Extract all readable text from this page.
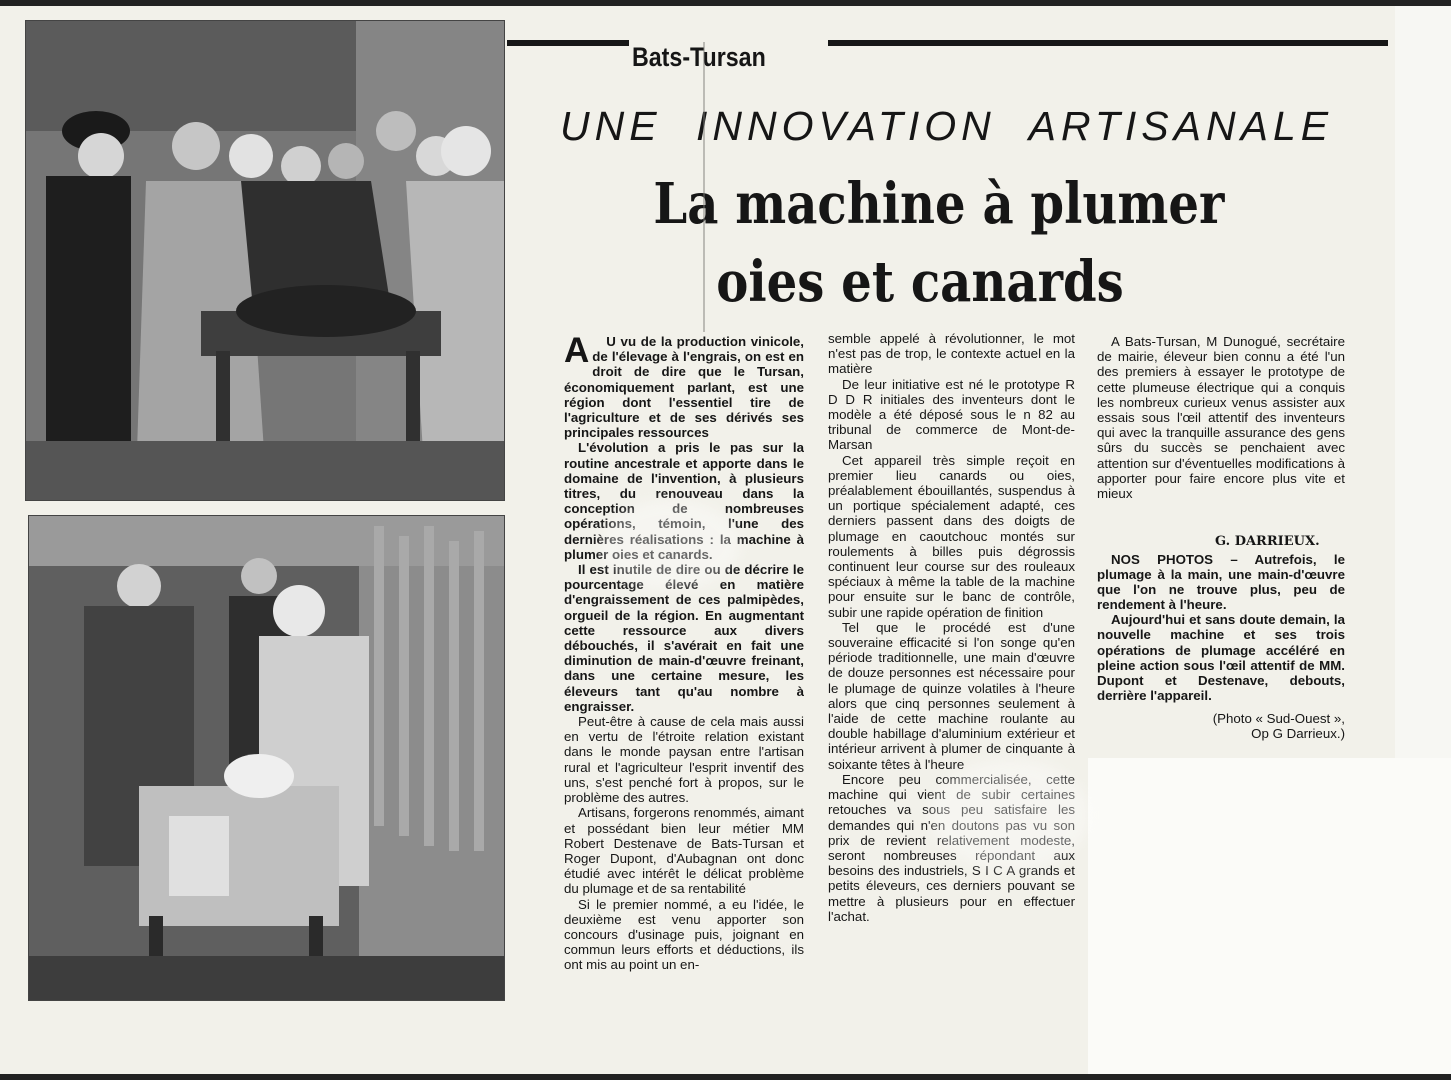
Bats-Tursan
UNE INNOVATION ARTISANALE
La machine à plumer
oies et canards

A U vu de la production vinicole, de l'élevage à l'engrais, on est en droit de dire que le Tursan, économiquement parlant, est une région dont l'essentiel tire de l'agriculture et de ses dérivés ses principales ressources

L'évolution a pris le pas sur la routine ancestrale et apporte dans le domaine de l'invention, à plusieurs titres, du renouveau dans la conception de nombreuses opérations, témoin, l'une des dernières réalisations : la machine à plumer oies et canards.

Il est inutile de dire ou de décrire le pourcentage élevé en matière d'engraissement de ces palmipèdes, orgueil de la région. En augmentant cette ressource aux divers débouchés, il s'avérait en fait une diminution de main-d'œuvre freinant, dans une certaine mesure, les éleveurs tant qu'au nombre à engraisser.

Peut-être à cause de cela mais aussi en vertu de l'étroite relation existant dans le monde paysan entre l'artisan rural et l'agriculteur l'esprit inventif des uns, s'est penché fort à propos, sur le problème des autres.

Artisans, forgerons renommés, aimant et possédant bien leur métier MM Robert Destenave de Bats-Tursan et Roger Dupont, d'Aubagnan ont donc étudié avec intérêt le délicat problème du plumage et de sa rentabilité

Si le premier nommé, a eu l'idée, le deuxième est venu apporter son concours d'usinage puis, joignant en commun leurs efforts et déductions, ils ont mis au point un en-

semble appelé à révolutionner, le mot n'est pas de trop, le contexte actuel en la matière

De leur initiative est né le prototype R D D R initiales des inventeurs dont le modèle a été déposé sous le n 82 au tribunal de commerce de Mont-de-Marsan

Cet appareil très simple reçoit en premier lieu canards ou oies, préalablement ébouillantés, suspendus à un portique spécialement adapté, ces derniers passent dans des doigts de plumage en caoutchouc montés sur roulements à billes puis dégrossis continuent leur course sur des rouleaux spéciaux à même la table de la machine pour ensuite sur le banc de contrôle, subir une rapide opération de finition

Tel que le procédé est d'une souveraine efficacité si l'on songe qu'en période traditionnelle, une main d'œuvre de douze personnes est nécessaire pour le plumage de quinze volatiles à l'heure alors que cinq personnes seulement à l'aide de cette machine roulante au double habillage d'aluminium extérieur et intérieur arrivent à plumer de cinquante à soixante têtes à l'heure

Encore peu commercialisée, cette machine qui vient de subir certaines retouches va sous peu satisfaire les demandes qui n'en doutons pas vu son prix de revient relativement modeste, seront nombreuses répondant aux besoins des industriels, S I C A grands et petits éleveurs, ces derniers pouvant se mettre à plusieurs pour en effectuer l'achat.

A Bats-Tursan, M Dunogué, secrétaire de mairie, éleveur bien connu a été l'un des premiers à essayer le prototype de cette plumeuse électrique qui a conquis les nombreux curieux venus assister aux essais sous l'œil attentif des inventeurs qui avec la tranquille assurance des gens sûrs du succès se penchaient avec attention sur d'éventuelles modifications à apporter pour faire encore plus vite et mieux

G. DARRIEUX.

NOS PHOTOS – Autrefois, le plumage à la main, une main-d'œuvre que l'on ne trouve plus, peu de rendement à l'heure.

Aujourd'hui et sans doute demain, la nouvelle machine et ses trois opérations de plumage accéléré en pleine action sous l'œil attentif de MM. Dupont et Destenave, debouts, derrière l'appareil.

(Photo « Sud-Ouest »,
Op G Darrieux.)
